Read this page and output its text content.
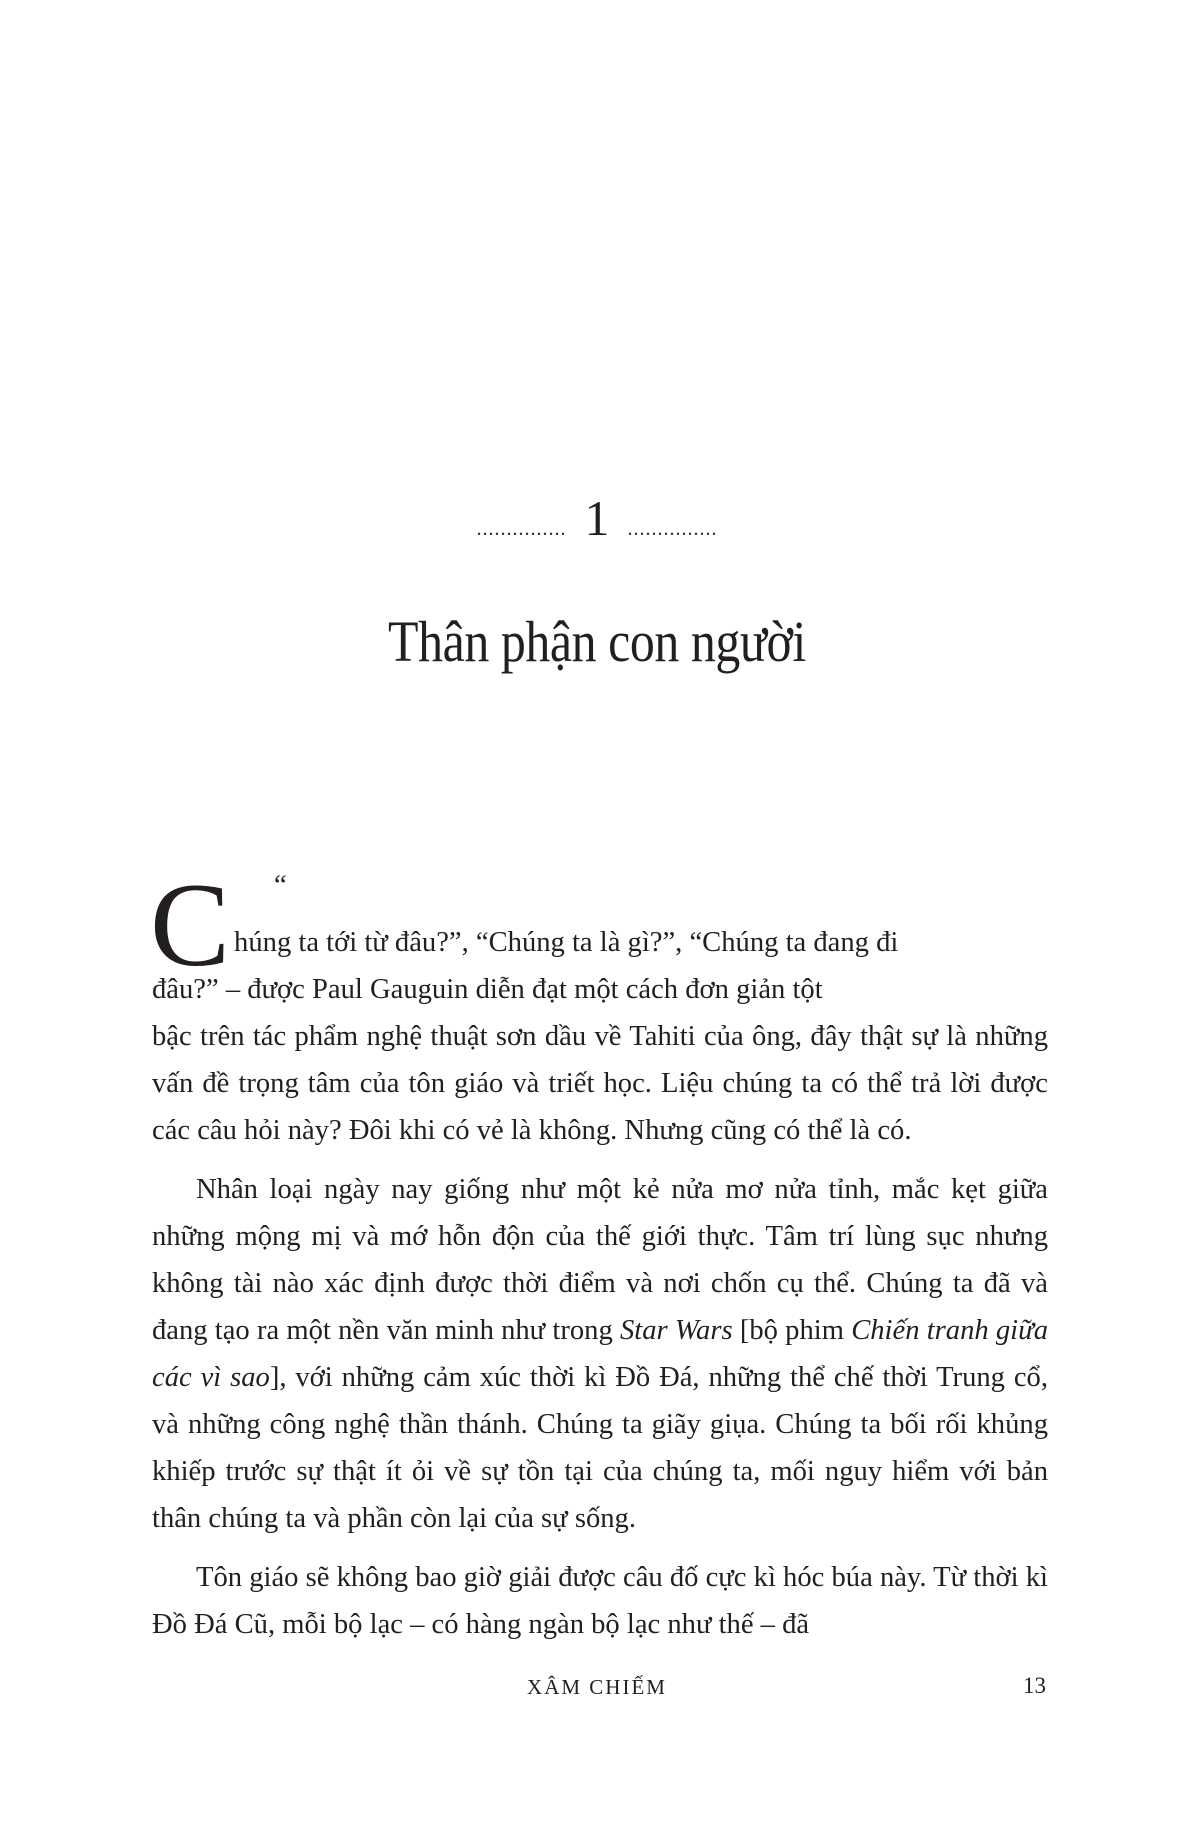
............... 1 ...............
Thân phận con người

“
C húng ta tới từ đâu?”, “Chúng ta là gì?”, “Chúng ta đang đi
đâu?” – được Paul Gauguin diễn đạt một cách đơn giản tột
bậc trên tác phẩm nghệ thuật sơn dầu về Tahiti của ông, đây thật sự là những vấn đề trọng tâm của tôn giáo và triết học. Liệu chúng ta có thể trả lời được các câu hỏi này? Đôi khi có vẻ là không. Nhưng cũng có thể là có.

Nhân loại ngày nay giống như một kẻ nửa mơ nửa tỉnh, mắc kẹt giữa những mộng mị và mớ hỗn độn của thế giới thực. Tâm trí lùng sục nhưng không tài nào xác định được thời điểm và nơi chốn cụ thể. Chúng ta đã và đang tạo ra một nền văn minh như trong Star Wars [bộ phim Chiến tranh giữa các vì sao], với những cảm xúc thời kì Đồ Đá, những thể chế thời Trung cổ, và những công nghệ thần thánh. Chúng ta giãy giụa. Chúng ta bối rối khủng khiếp trước sự thật ít ỏi về sự tồn tại của chúng ta, mối nguy hiểm với bản thân chúng ta và phần còn lại của sự sống.

Tôn giáo sẽ không bao giờ giải được câu đố cực kì hóc búa này. Từ thời kì Đồ Đá Cũ, mỗi bộ lạc – có hàng ngàn bộ lạc như thế – đã

XÂM CHIẾM	13
